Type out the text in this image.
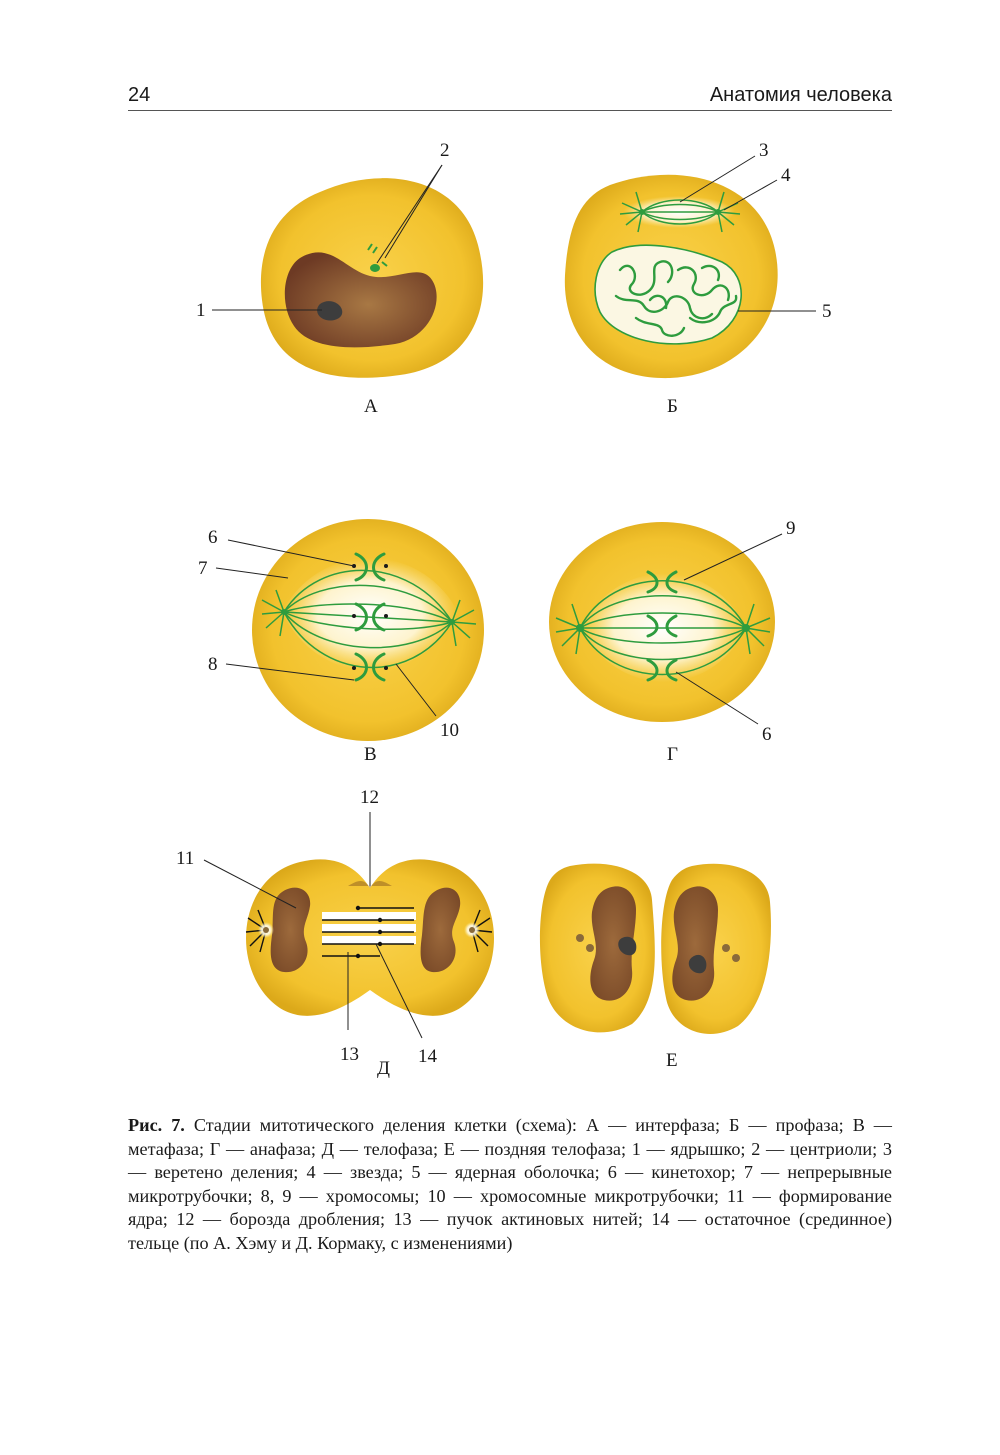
24	Анатомия человека
1
2
А
3
4
5
Б
6
7
8
10
В
9
6
Г
11
12
13	14
Д	Е
Рис. 7. Стадии митотического деления клетки (схема): А — интерфаза; Б — профаза; В — метафаза; Г — анафаза; Д — телофаза; Е — поздняя телофаза; 1 — ядрышко; 2 — центриоли; 3 — веретено деления; 4 — звезда; 5 — ядерная оболочка; 6 — кинетохор; 7 — непрерывные микротрубочки; 8, 9 — хромосомы; 10 — хромосомные микротрубочки; 11 — формирование ядра; 12 — борозда дробления; 13 — пучок актиновых нитей; 14 — остаточное (срединное) тельце (по А. Хэму и Д. Кормаку, с изменениями)
